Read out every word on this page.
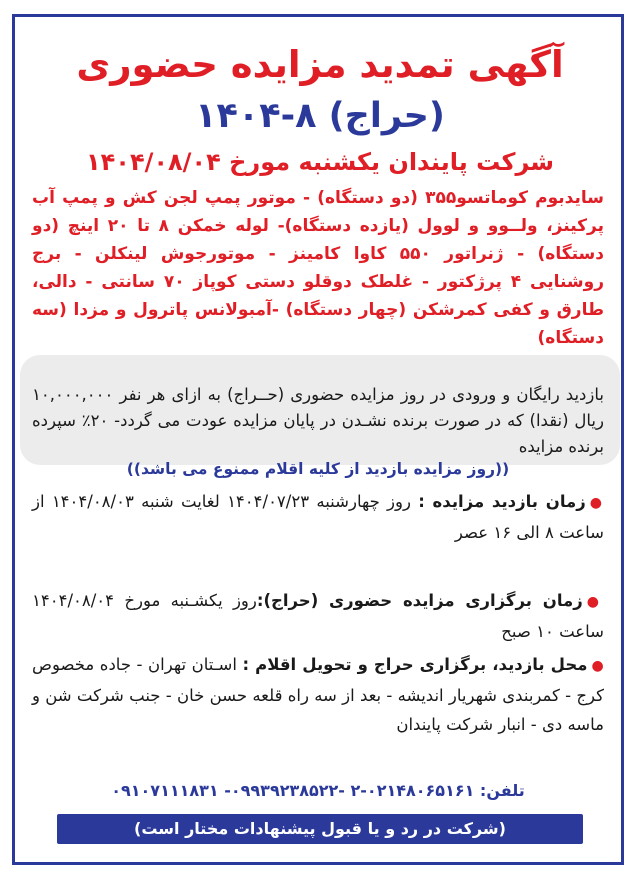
آگهی تمدید مزایده حضوری
(حراج) ۸-۱۴۰۴
شرکت پایندان یکشنبه مورخ ۱۴۰۴/۰۸/۰۴
سایدبوم کوماتسو۳۵۵ (دو دستگاه) - موتور پمپ لجن کش و پمپ آب پرکینز، ولــوو و لوول (یازده دستگاه)- لوله خمکن ۸ تا ۲۰ اینچ (دو دستگاه) - ژنراتور ۵۵۰ کاوا کامینز - موتورجوش لینکلن - برج روشنایی ۴ پرژکتور - غلطک دوقلو دستی کوپاز ۷۰ سانتی - دالی، طارق و کفی کمرشکن (چهار دستگاه) -آمبولانس پاترول و مزدا (سه دستگاه)
بازدید رایگان و ورودی در روز مزایده حضوری (حــراج) به ازای هر نفر ۱۰,۰۰۰,۰۰۰ ریال (نقدا) که در صورت برنده نشـدن در پایان مزایده عودت می گردد- ۲۰٪ سپرده برنده مزایده
((روز مزایده بازدید از کلیه اقلام ممنوع می باشد))
●زمان بازدید مزایده : روز چهارشنبه ۱۴۰۴/۰۷/۲۳ لغایت شنبه ۱۴۰۴/۰۸/۰۳ از ساعت ۸ الی ۱۶ عصر
●زمان برگزاری مزایده حضوری (حراج):روز یکشـنبه مورخ ۱۴۰۴/۰۸/۰۴ ساعت ۱۰ صبح
●محل بازدید، برگزاری حراج و تحویل اقلام : اسـتان تهران - جاده مخصوص کرج - کمربندی شهریار اندیشه - بعد از سه راه قلعه حسن خان - جنب شرکت شن و ماسه دی - انبار شرکت پایندان
تلفن: ۰۲۱۴۸۰۶۵۱۶۱-۲ -۰۹۹۳۹۲۳۸۵۲۲- ۰۹۱۰۷۱۱۱۸۳۱
(شرکت در رد و یا قبول پیشنهادات مختار است)
